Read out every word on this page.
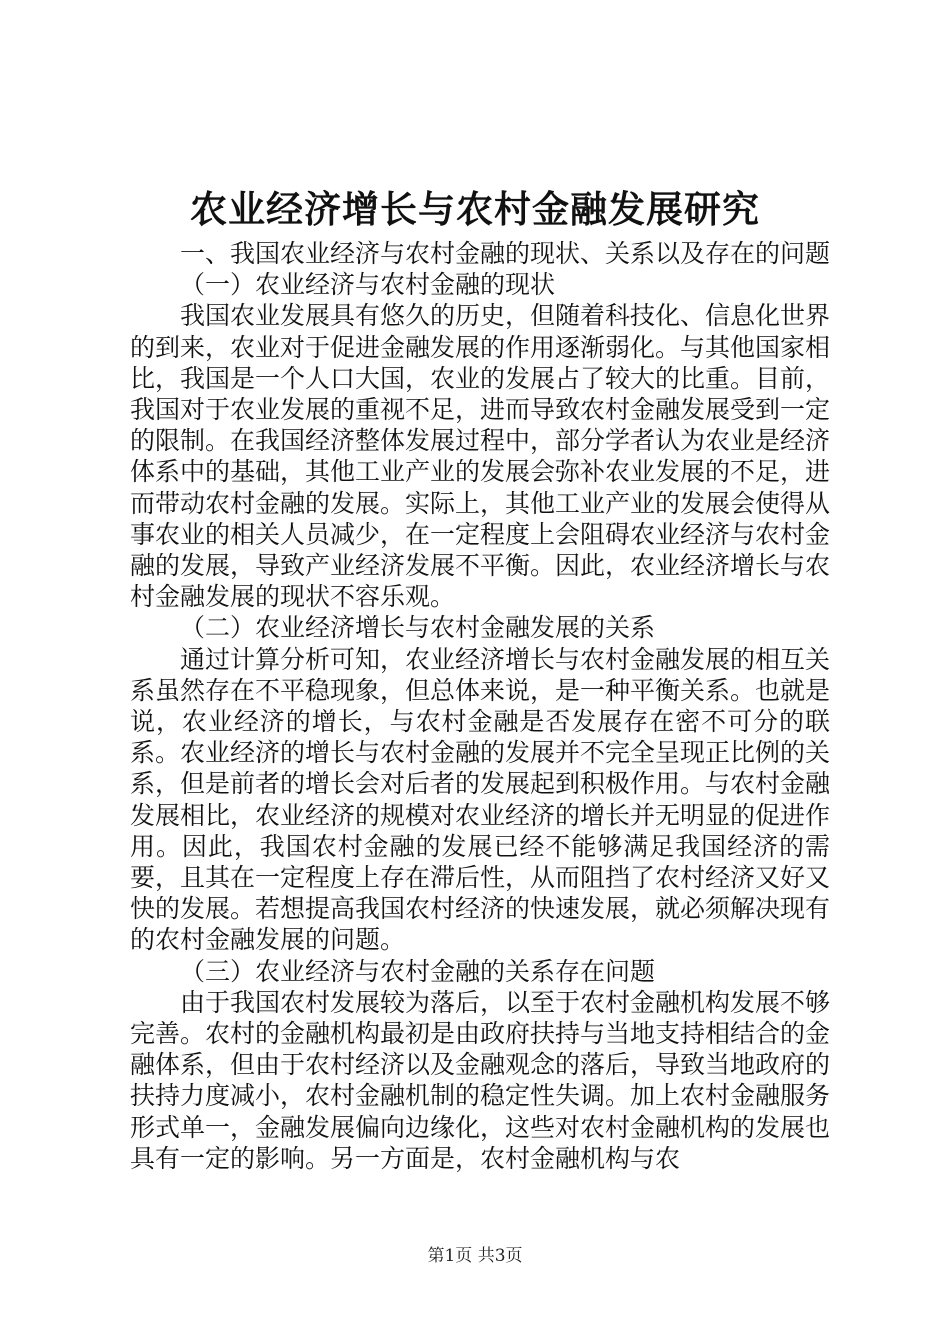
农业经济增长与农村金融发展研究

一、我国农业经济与农村金融的现状、关系以及存在的问题

（一）农业经济与农村金融的现状

我国农业发展具有悠久的历史，但随着科技化、信息化世界的到来，农业对于促进金融发展的作用逐渐弱化。与其他国家相比，我国是一个人口大国，农业的发展占了较大的比重。目前，我国对于农业发展的重视不足，进而导致农村金融发展受到一定的限制。在我国经济整体发展过程中，部分学者认为农业是经济体系中的基础，其他工业产业的发展会弥补农业发展的不足，进而带动农村金融的发展。实际上，其他工业产业的发展会使得从事农业的相关人员减少，在一定程度上会阻碍农业经济与农村金融的发展，导致产业经济发展不平衡。因此，农业经济增长与农村金融发展的现状不容乐观。

（二）农业经济增长与农村金融发展的关系

通过计算分析可知，农业经济增长与农村金融发展的相互关系虽然存在不平稳现象，但总体来说，是一种平衡关系。也就是说，农业经济的增长，与农村金融是否发展存在密不可分的联系。农业经济的增长与农村金融的发展并不完全呈现正比例的关系，但是前者的增长会对后者的发展起到积极作用。与农村金融发展相比，农业经济的规模对农业经济的增长并无明显的促进作用。因此，我国农村金融的发展已经不能够满足我国经济的需要，且其在一定程度上存在滞后性，从而阻挡了农村经济又好又快的发展。若想提高我国农村经济的快速发展，就必须解决现有的农村金融发展的问题。

（三）农业经济与农村金融的关系存在问题

由于我国农村发展较为落后，以至于农村金融机构发展不够完善。农村的金融机构最初是由政府扶持与当地支持相结合的金融体系，但由于农村经济以及金融观念的落后，导致当地政府的扶持力度减小，农村金融机制的稳定性失调。加上农村金融服务形式单一，金融发展偏向边缘化，这些对农村金融机构的发展也具有一定的影响。另一方面是，农村金融机构与农

第1页 共3页
